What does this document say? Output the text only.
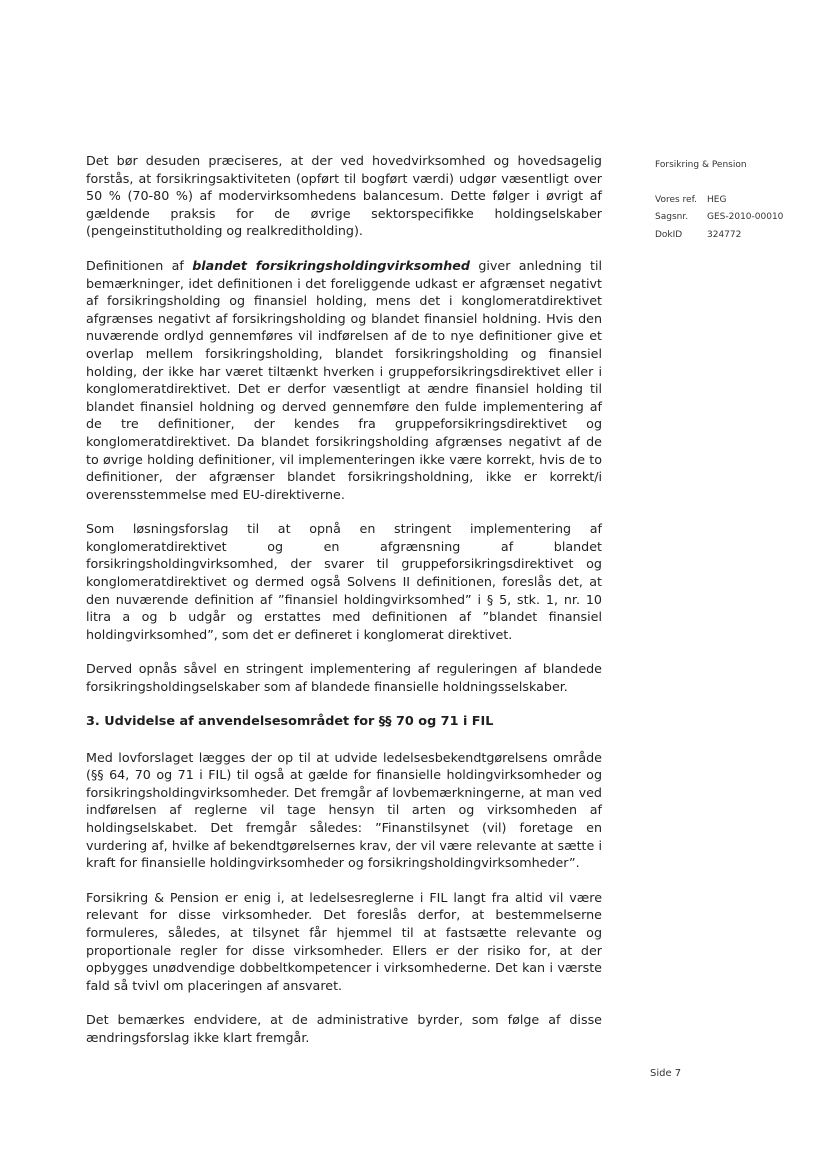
Det bør desuden præciseres, at der ved hovedvirksomhed og hovedsagelig forstås, at forsikringsaktiviteten (opført til bogført værdi) udgør væsentligt over 50 % (70-80 %) af modervirksomhedens balancesum. Dette følger i øvrigt af gældende praksis for de øvrige sektorspecifikke holdingselskaber (pengeinstitutholding og realkreditholding).

Definitionen af blandet forsikringsholdingvirksomhed giver anledning til bemærkninger, idet definitionen i det foreliggende udkast er afgrænset negativt af forsikringsholding og finansiel holding, mens det i konglomeratdirektivet afgrænses negativt af forsikringsholding og blandet finansiel holdning. Hvis den nuværende ordlyd gennemføres vil indførelsen af de to nye definitioner give et overlap mellem forsikringsholding, blandet forsikringsholding og finansiel holding, der ikke har været tiltænkt hverken i gruppeforsikringsdirektivet eller i konglomeratdirektivet. Det er derfor væsentligt at ændre finansiel holding til blandet finansiel holdning og derved gennemføre den fulde implementering af de tre definitioner, der kendes fra gruppeforsikringsdirektivet og konglomeratdirektivet. Da blandet forsikringsholding afgrænses negativt af de to øvrige holding definitioner, vil implementeringen ikke være korrekt, hvis de to definitioner, der afgrænser blandet forsikringsholdning, ikke er korrekt/i overensstemmelse med EU-direktiverne.

Som løsningsforslag til at opnå en stringent implementering af konglomeratdirektivet og en afgrænsning af blandet forsikringsholdingvirksomhed, der svarer til gruppeforsikringsdirektivet og konglomeratdirektivet og dermed også Solvens II definitionen, foreslås det, at den nuværende definition af ”finansiel holdingvirksomhed” i § 5, stk. 1, nr. 10 litra a og b udgår og erstattes med definitionen af ”blandet finansiel holdingvirksomhed”, som det er defineret i konglomerat direktivet.

Derved opnås såvel en stringent implementering af reguleringen af blandede forsikringsholdingselskaber som af blandede finansielle holdningsselskaber.

3. Udvidelse af anvendelsesområdet for §§ 70 og 71 i FIL

Med lovforslaget lægges der op til at udvide ledelsesbekendtgørelsens område (§§ 64, 70 og 71 i FIL) til også at gælde for finansielle holdingvirksomheder og forsikringsholdingvirksomheder. Det fremgår af lovbemærkningerne, at man ved indførelsen af reglerne vil tage hensyn til arten og virksomheden af holdingselskabet. Det fremgår således: ”Finanstilsynet (vil) foretage en vurdering af, hvilke af bekendtgørelsernes krav, der vil være relevante at sætte i kraft for finansielle holdingvirksomheder og forsikringsholdingvirksomheder”.

Forsikring & Pension er enig i, at ledelsesreglerne i FIL langt fra altid vil være relevant for disse virksomheder. Det foreslås derfor, at bestemmelserne formuleres, således, at tilsynet får hjemmel til at fastsætte relevante og proportionale regler for disse virksomheder. Ellers er der risiko for, at der opbygges unødvendige dobbeltkompetencer i virksomhederne. Det kan i værste fald så tvivl om placeringen af ansvaret.

Det bemærkes endvidere, at de administrative byrder, som følge af disse ændringsforslag ikke klart fremgår.

Forsikring & Pension
Vores ref.	HEG
Sagsnr.	GES-2010-00010
DokID	324772
Side 7
